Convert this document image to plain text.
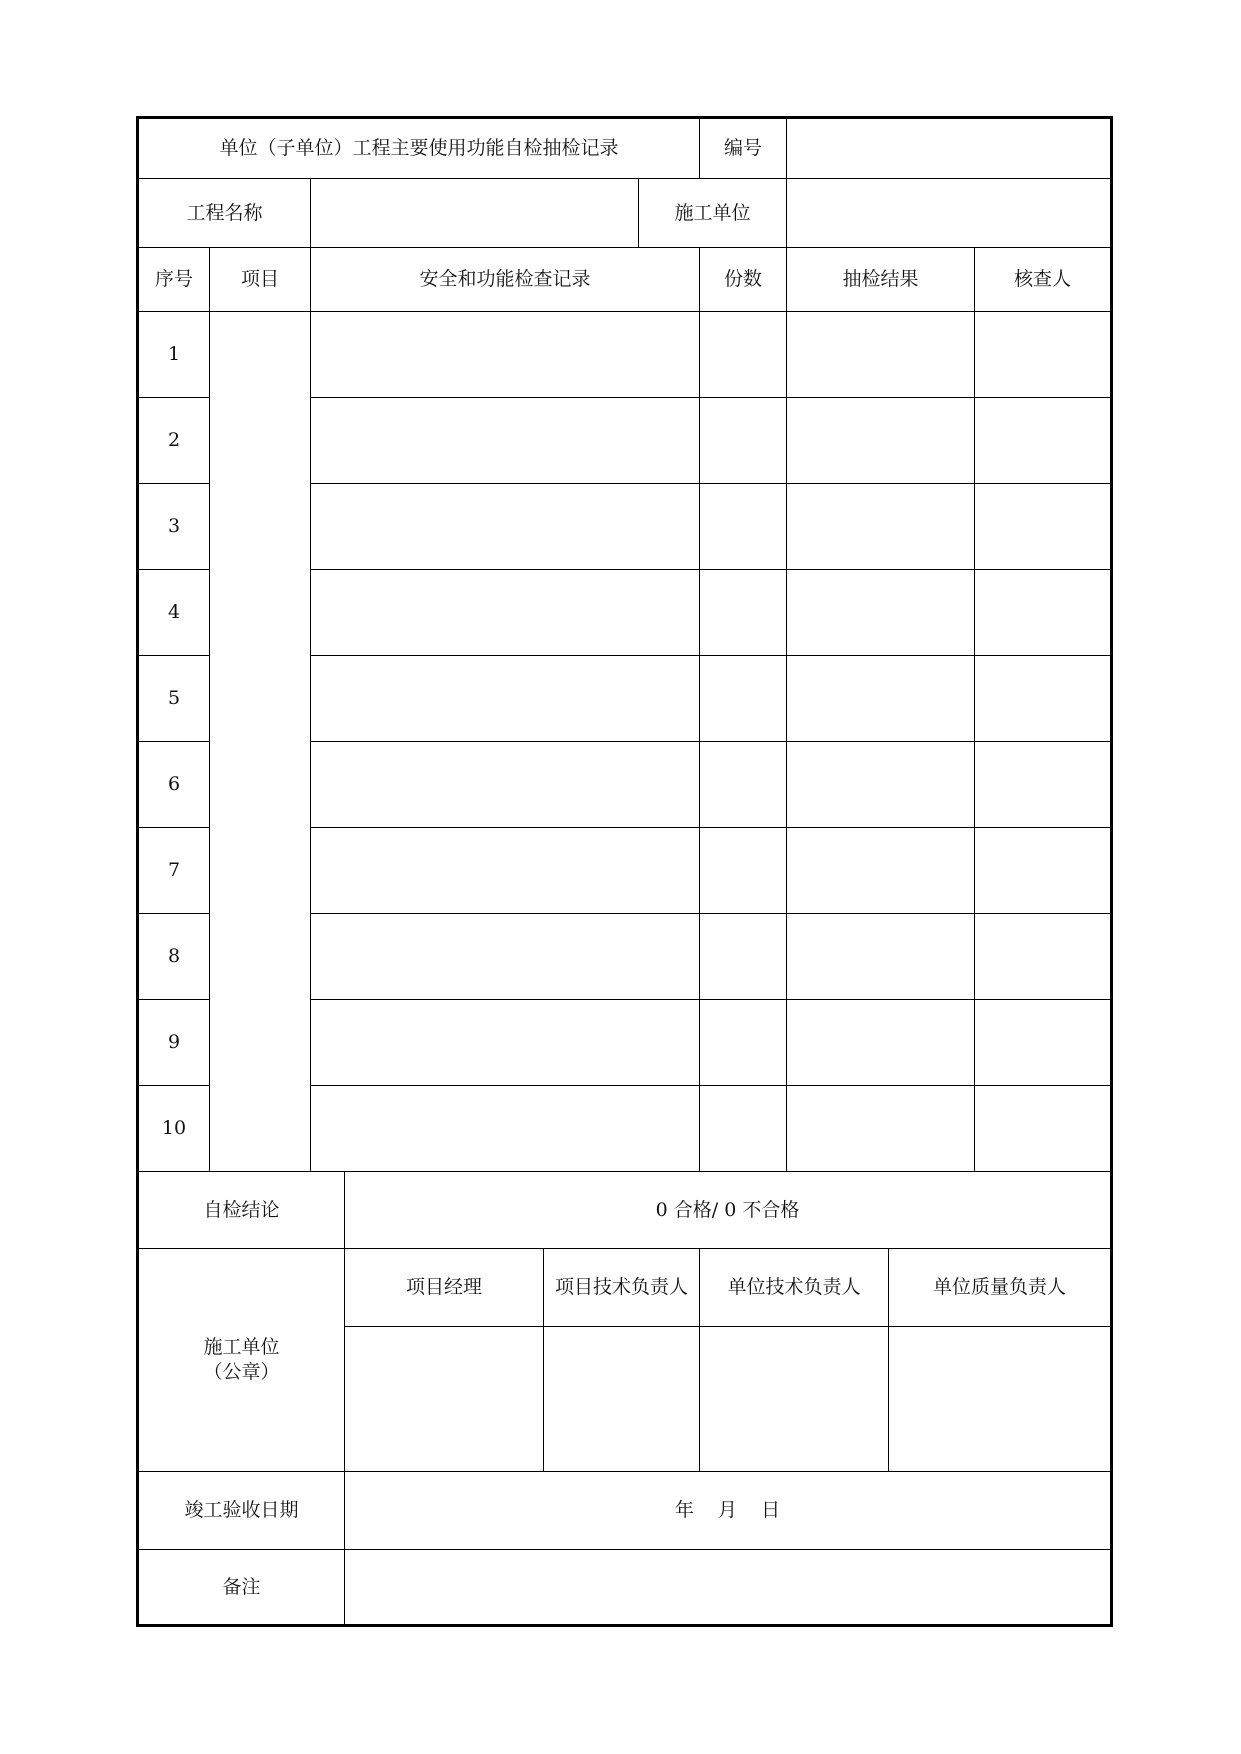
单位（子单位）工程主要使用功能自检抽检记录						编号			
工程名称					施工单位				
序号	项目	安全和功能检查记录				份数	抽检结果		核查人
1									
2									
3									
4									
5									
6									
7									
8									
9									
10									
自检结论			0 合格/ 0 不合格						

施工单位
（公章）			项目经理	项目技术负责人		单位技术负责人		单位质量负责人	

竣工验收日期			年    月    日						
备注									
